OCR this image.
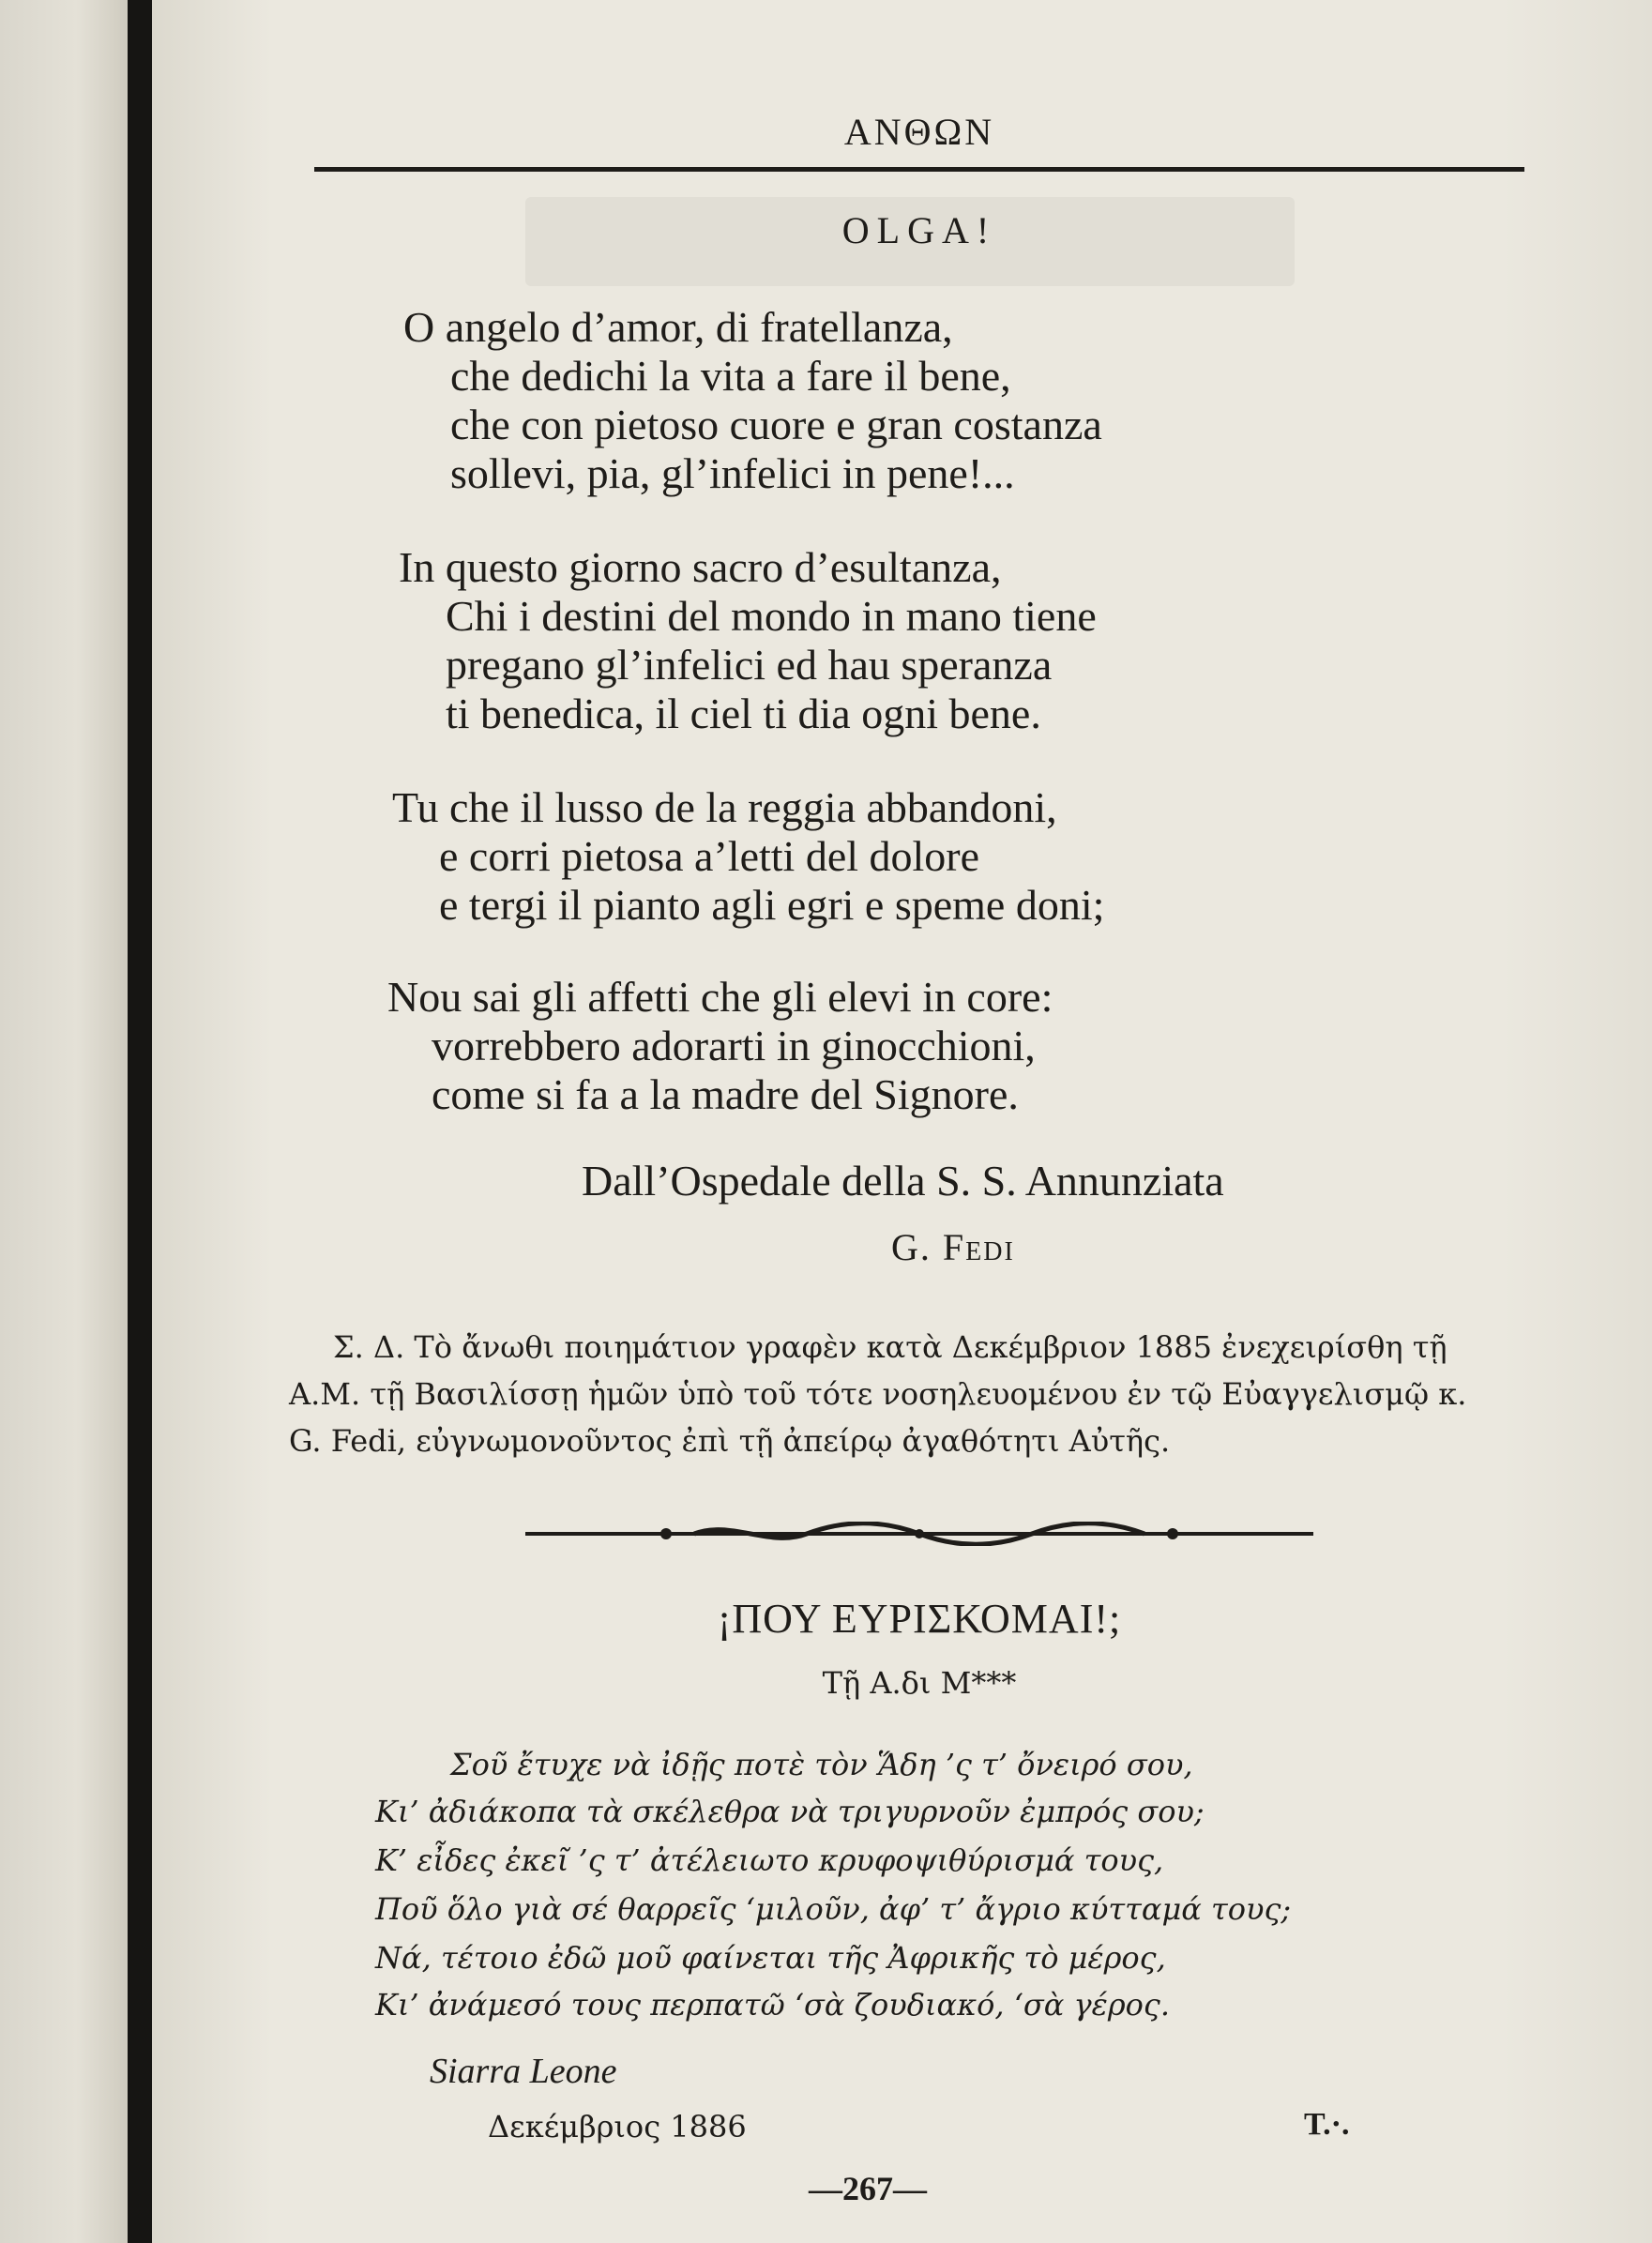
ΑΝΘΩΝ
OLGA!
O angelo d’amor, di fratellanza,
che dedichi la vita a fare il bene,
che con pietoso cuore e gran costanza
sollevi, pia, gl’infelici in pene!...
In questo giorno sacro d’esultanza,
Chi i destini del mondo in mano tiene
pregano gl’infelici ed hau speranza
ti benedica, il ciel ti dia ogni bene.
Tu che il lusso de la reggia abbandoni,
e corri pietosa a’letti del dolore
e tergi il pianto agli egri e speme doni;
Nou sai gli affetti che gli elevi in core:
vorrebbero adorarti in ginocchioni,
come si fa a la madre del Signore.
Dall’Ospedale della S. S. Annunziata
G. Fedi
Σ. Δ. Τὸ ἄνωθι ποιημάτιον γραφὲν κατὰ Δεκέμβριον 1885 ἐνεχειρίσθη τῇ
Α.Μ. τῇ Βασιλίσσῃ ἡμῶν ὑπὸ τοῦ τότε νοσηλευομένου ἐν τῷ Εὐαγγελισμῷ κ.
G. Fedi, εὐγνωμονοῦντος ἐπὶ τῇ ἀπείρῳ ἀγαθότητι Αὐτῆς.
¡ΠΟΥ ΕΥΡΙΣΚΟΜΑΙ!;
Τῇ Α.δι Μ***
Σοῦ ἔτυχε νὰ ἰδῇς ποτὲ τὸν Ἅδη ’ς τ’ ὄνειρό σου,
Κι’ ἀδιάκοπα τὰ σκέλεθρα νὰ τριγυρνοῦν ἐμπρός σου;
Κ’ εἶδες ἐκεῖ ’ς τ’ ἀτέλειωτο κρυφοψιθύρισμά τους,
Ποῦ ὅλο γιὰ σέ θαρρεῖς ‘μιλοῦν, ἀφ’ τ’ ἄγριο κύτταμά τους;
Νά, τέτοιο ἐδῶ μοῦ φαίνεται τῆς Ἀφρικῆς τὸ μέρος,
Κι’ ἀνάμεσό τους περπατῶ ‘σὰ ζουδιακό, ‘σὰ γέρος.
Siarra Leone
Δεκέμβριος 1886	Τ.·.
—267—
